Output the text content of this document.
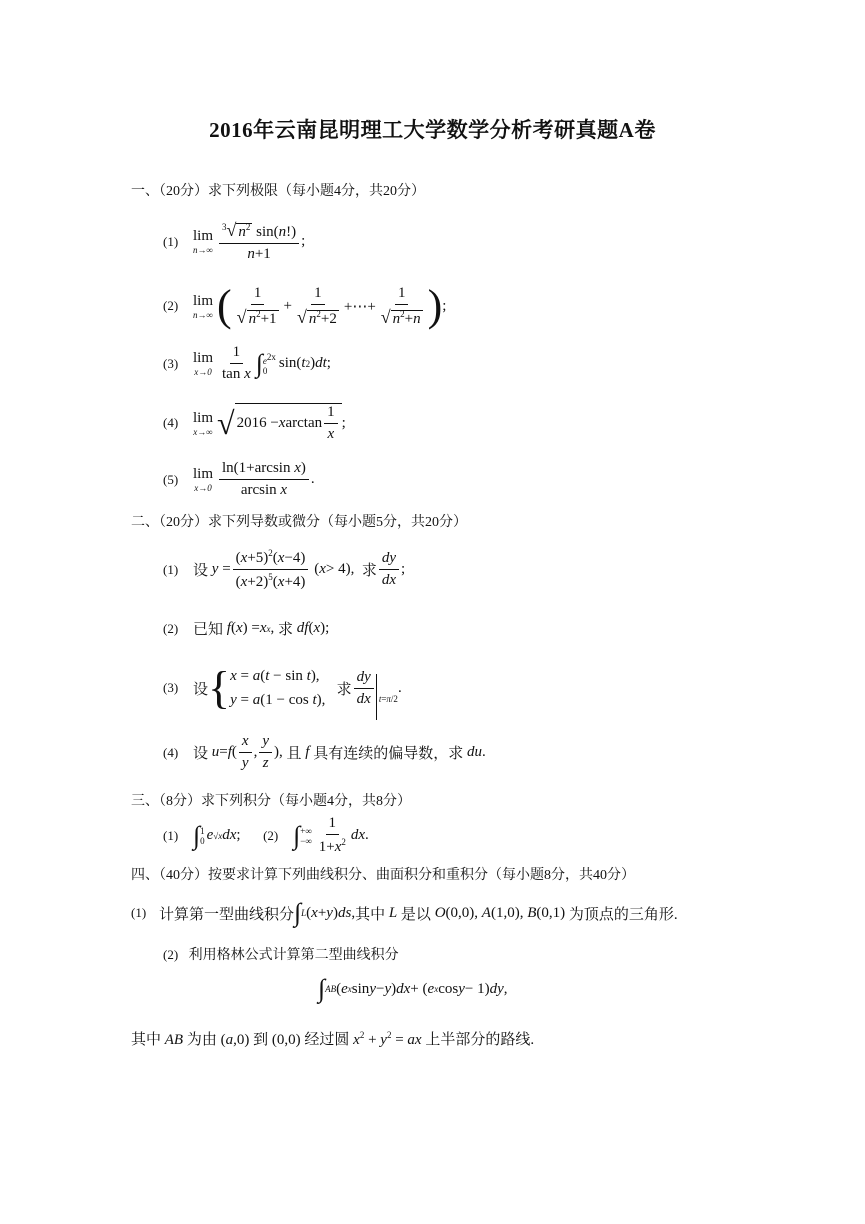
2016年云南昆明理工大学数学分析考研真题A卷
一、（20分）求下列极限（每小题4分，共20分）
(1) lim
$n\to\infty \frac{^3√ n^2 \sin(n!)}{n+1}$ ;
(2) lim
n→∞ ( $\frac{1}{√ n^2+1} + \frac{1}{√ n^2+2}$ +⋯+ $\frac{1}{√ n^2+n}$ ) ;
(3) lim
$x\to 0 \frac{1}{\text{tan x}}$ ∫ $e^{2x}$
0 sin( t 2 ) dt ;
(4) lim
x→∞ √ 2016 − x $\arctan \frac{1}{x}$ ;
(5) lim
$x\to 0 \frac{\text{ln(1+arcsin x)}}{\text{arcsin x}}$ .
二、（20分）求下列导数或微分（每小题5分，共20分）
(1) 设
$y = \frac{(x+5)^2(x-4)}{(x+2)^5(x+4)}$ ( x > 4), 求 $\frac{dy}{dx}$ ;
(2) 已知
f ( x ) = x x , 求
df ( x );
(3) 设 { x = a(t − sin t),
y = a(1 − cos t),

求 $\frac{dy}{dx} t=\pi/2$
.
(4) 设
u = f ( $\frac{x}{y}$ , $\frac{y}{z}$ ), 且
f
具有连续的偏导数，求
du .
三、（8分）求下列积分（每小题4分，共8分）
(1) ∫ 1
0 e √x dx ; (2) ∫ +∞
−∞ $\frac{1}{1+x^2}$ dx .
四、（40分）按要求计算下列曲线积分、曲面积分和重积分（每小题8分，共40分）
(1) 计算第一型曲线积分 ∫ L ( x + y ) ds , 其中
L
是以
O (0,0), A (1,0), B (0,1) 为顶点的三角形.
(2) 利用格林公式计算第二型曲线积分
∫ AB ( e x sin y − y ) dx + ( e x cos y − 1) dy ,
其中 AB 为由 (a,0) 到 (0,0) 经过圆 $x^2 + y^2$ = ax 上半部分的路线.
